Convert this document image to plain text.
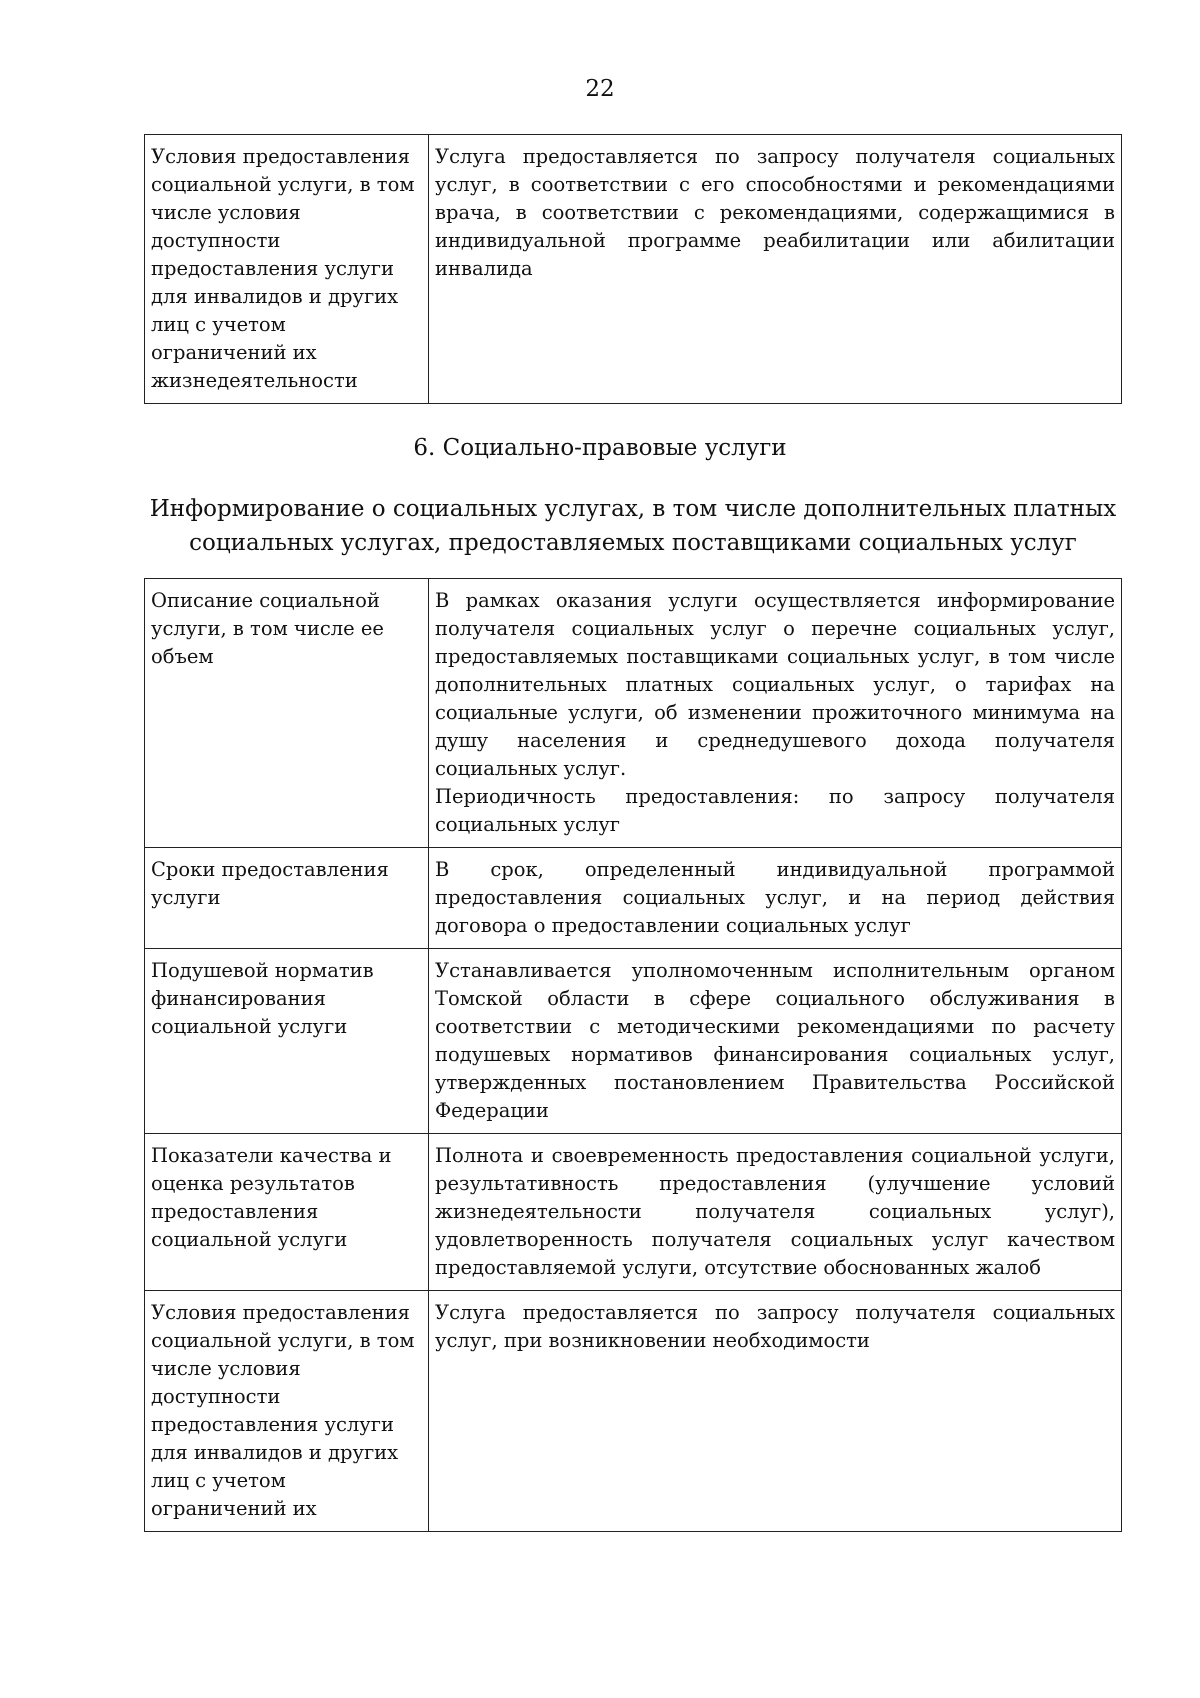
22
Условия предоставления социальной услуги, в том числе условия доступности предоставления услуги для инвалидов и других лиц с учетом ограничений их жизнедеятельности	Услуга предоставляется по запросу получателя социальных услуг, в соответствии с его способностями и рекомендациями врача, в соответствии с рекомендациями, содержащимися в индивидуальной программе реабилитации или абилитации инвалида
6. Социально-правовые услуги
Информирование о социальных услугах, в том числе дополнительных платных социальных услугах, предоставляемых поставщиками социальных услуг
Описание социальной услуги, в том числе ее объем	В рамках оказания услуги осуществляется информирование получателя социальных услуг о перечне социальных услуг, предоставляемых поставщиками социальных услуг, в том числе дополнительных платных социальных услуг, о тарифах на социальные услуги, об изменении прожиточного минимума на душу населения и среднедушевого дохода получателя социальных услуг.
Периодичность предоставления: по запросу получателя социальных услуг

Сроки предоставления услуги	В срок, определенный индивидуальной программой предоставления социальных услуг, и на период действия договора о предоставлении социальных услуг
Подушевой норматив финансирования социальной услуги	Устанавливается уполномоченным исполнительным органом Томской области в сфере социального обслуживания в соответствии с методическими рекомендациями по расчету подушевых нормативов финансирования социальных услуг, утвержденных постановлением Правительства Российской Федерации
Показатели качества и оценка результатов предоставления социальной услуги	Полнота и своевременность предоставления социальной услуги, результативность предоставления (улучшение условий жизнедеятельности получателя социальных услуг), удовлетворенность получателя социальных услуг качеством предоставляемой услуги, отсутствие обоснованных жалоб
Условия предоставления социальной услуги, в том числе условия доступности предоставления услуги для инвалидов и других лиц с учетом ограничений их	Услуга предоставляется по запросу получателя социальных услуг, при возникновении необходимости
